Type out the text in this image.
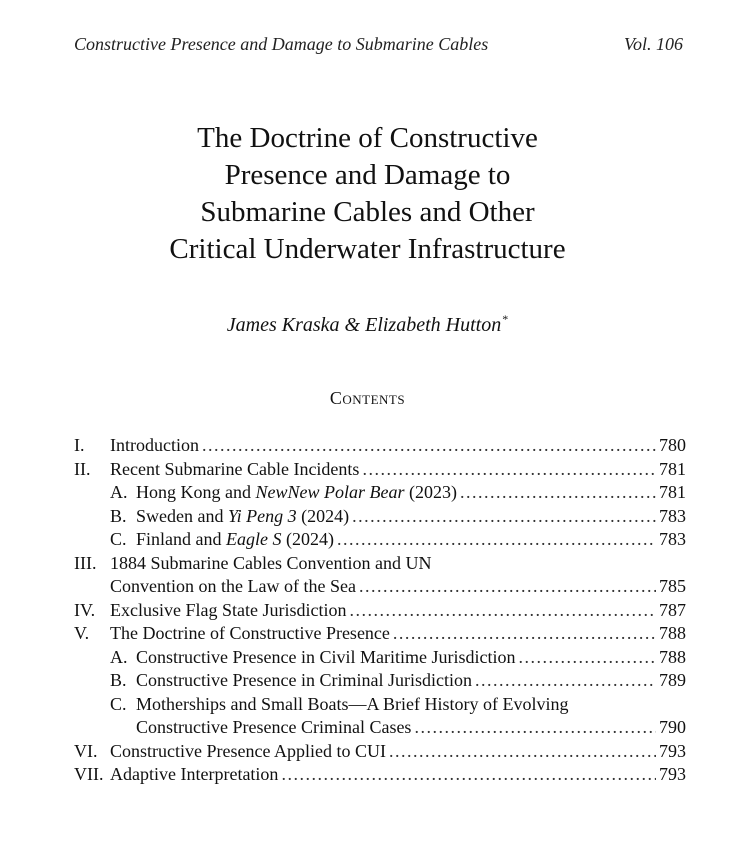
Constructive Presence and Damage to Submarine Cables	Vol. 106
The Doctrine of Constructive
Presence and Damage to
Submarine Cables and Other
Critical Underwater Infrastructure
James Kraska & Elizabeth Hutton*
Contents
I.	Introduction .....	780
II.	Recent Submarine Cable Incidents .....	781
A. Hong Kong and NewNew Polar Bear (2023) .....	781
B. Sweden and Yi Peng 3 (2024) .....	783
C. Finland and Eagle S (2024) .....	783
III. 1884 Submarine Cables Convention and UN
Convention on the Law of the Sea .....	785
IV. Exclusive Flag State Jurisdiction .....	787
V.	The Doctrine of Constructive Presence .....	788
A. Constructive Presence in Civil Maritime Jurisdiction .....	788
B. Constructive Presence in Criminal Jurisdiction .....	789
C. Motherships and Small Boats—A Brief History of Evolving
Constructive Presence Criminal Cases .....	790
VI. Constructive Presence Applied to CUI .....	793
VII. Adaptive Interpretation .....	793
